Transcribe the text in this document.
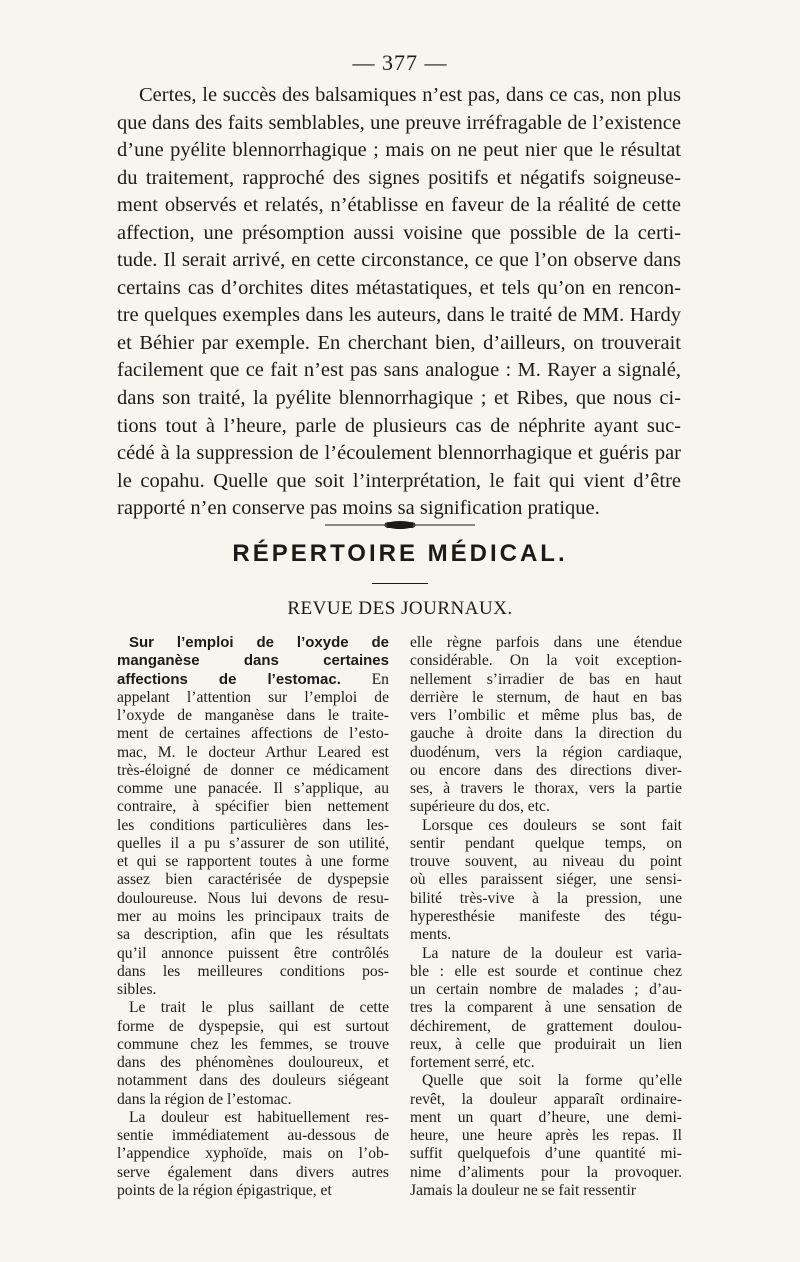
— 377 —
Certes, le succès des balsamiques n’est pas, dans ce cas, non plus
que dans des faits semblables, une preuve irréfragable de l’existence
d’une pyélite blennorrhagique ; mais on ne peut nier que le résultat
du traitement, rapproché des signes positifs et négatifs soigneuse-
ment observés et relatés, n’établisse en faveur de la réalité de cette
affection, une présomption aussi voisine que possible de la certi-
tude. Il serait arrivé, en cette circonstance, ce que l’on observe dans
certains cas d’orchites dites métastatiques, et tels qu’on en rencon-
tre quelques exemples dans les auteurs, dans le traité de MM. Hardy
et Béhier par exemple. En cherchant bien, d’ailleurs, on trouverait
facilement que ce fait n’est pas sans analogue : M. Rayer a signalé,
dans son traité, la pyélite blennorrhagique ; et Ribes, que nous ci-
tions tout à l’heure, parle de plusieurs cas de néphrite ayant suc-
cédé à la suppression de l’écoulement blennorrhagique et guéris par
le copahu. Quelle que soit l’interprétation, le fait qui vient d’être
rapporté n’en conserve pas moins sa signification pratique.
RÉPERTOIRE MÉDICAL.
REVUE DES JOURNAUX.
Sur l’emploi de l’oxyde de
manganèse dans certaines
affections de l’estomac. En
appelant l’attention sur l’emploi de
l’oxyde de manganèse dans le traite-
ment de certaines affections de l’esto-
mac, M. le docteur Arthur Leared est
très-éloigné de donner ce médicament
comme une panacée. Il s’applique, au
contraire, à spécifier bien nettement
les conditions particulières dans les-
quelles il a pu s’assurer de son utilité,
et qui se rapportent toutes à une forme
assez bien caractérisée de dyspepsie
douloureuse. Nous lui devons de resu-
mer au moins les principaux traits de
sa description, afin que les résultats
qu’il annonce puissent être contrôlés
dans les meilleures conditions pos-
sibles.
Le trait le plus saillant de cette
forme de dyspepsie, qui est surtout
commune chez les femmes, se trouve
dans des phénomènes douloureux, et
notamment dans des douleurs siégeant
dans la région de l’estomac.
La douleur est habituellement res-
sentie immédiatement au-dessous de
l’appendice xyphoïde, mais on l’ob-
serve également dans divers autres
points de la région épigastrique, et
elle règne parfois dans une étendue
considérable. On la voit exception-
nellement s’irradier de bas en haut
derrière le sternum, de haut en bas
vers l’ombilic et même plus bas, de
gauche à droite dans la direction du
duodénum, vers la région cardiaque,
ou encore dans des directions diver-
ses, à travers le thorax, vers la partie
supérieure du dos, etc.
Lorsque ces douleurs se sont fait
sentir pendant quelque temps, on
trouve souvent, au niveau du point
où elles paraissent siéger, une sensi-
bilité très-vive à la pression, une
hyperesthésie manifeste des tégu-
ments.
La nature de la douleur est varia-
ble : elle est sourde et continue chez
un certain nombre de malades ; d’au-
tres la comparent à une sensation de
déchirement, de grattement doulou-
reux, à celle que produirait un lien
fortement serré, etc.
Quelle que soit la forme qu’elle
revêt, la douleur apparaît ordinaire-
ment un quart d’heure, une demi-
heure, une heure après les repas. Il
suffit quelquefois d’une quantité mi-
nime d’aliments pour la provoquer.
Jamais la douleur ne se fait ressentir
